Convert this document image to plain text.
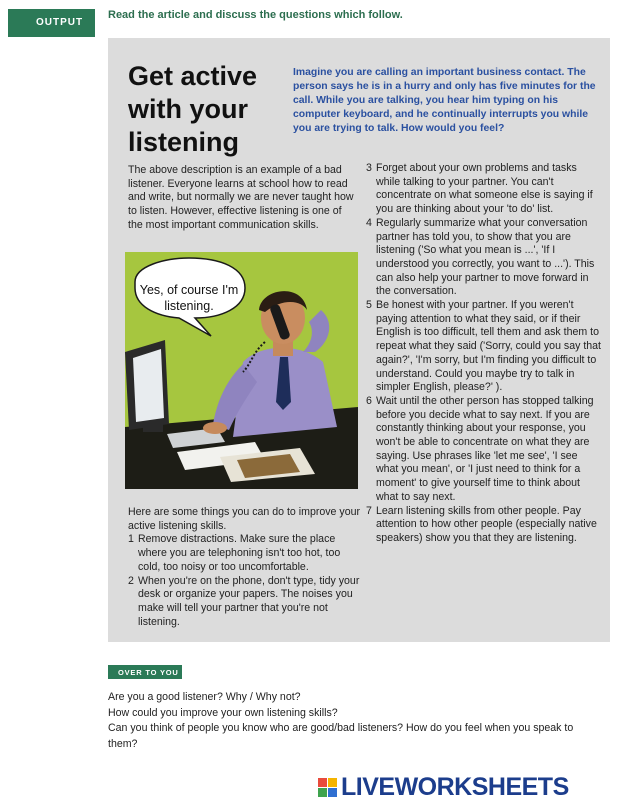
OUTPUT
Read the article and discuss the questions which follow.
Get active
with your
listening
Imagine you are calling an important business contact. The person says he is in a hurry and only has five minutes for the call. While you are talking, you hear him typing on his computer keyboard, and he continually interrupts you while you are trying to talk. How would you feel?
The above description is an example of a bad listener. Everyone learns at school how to read and write, but normally we are never taught how to listen. However, effective listening is one of the most important communication skills.
Yes, of course I'm listening.
Here are some things you can do to improve your active listening skills.
1 Remove distractions. Make sure the place where you are telephoning isn't too hot, too cold, too noisy or too uncomfortable.
2 When you're on the phone, don't type, tidy your desk or organize your papers. The noises you make will tell your partner that you're not listening.
3 Forget about your own problems and tasks while talking to your partner. You can't concentrate on what someone else is saying if you are thinking about your 'to do' list.
4 Regularly summarize what your conversation partner has told you, to show that you are listening ('So what you mean is ...', 'If I understood you correctly, you want to ...'). This can also help your partner to move forward in the conversation.
5 Be honest with your partner. If you weren't paying attention to what they said, or if their English is too difficult, tell them and ask them to repeat what they said ('Sorry, could you say that again?', 'I'm sorry, but I'm finding you difficult to understand. Could you maybe try to talk in simpler English, please?' ).
6 Wait until the other person has stopped talking before you decide what to say next. If you are constantly thinking about your response, you won't be able to concentrate on what they are saying. Use phrases like 'let me see', 'I see what you mean', or 'I just need to think for a moment' to give yourself time to think about what to say next.
7 Learn listening skills from other people. Pay attention to how other people (especially native speakers) show you that they are listening.
OVER TO YOU
Are you a good listener? Why / Why not?
How could you improve your own listening skills?
Can you think of people you know who are good/bad listeners? How do you feel when you speak to them?
LIVEWORKSHEETS
